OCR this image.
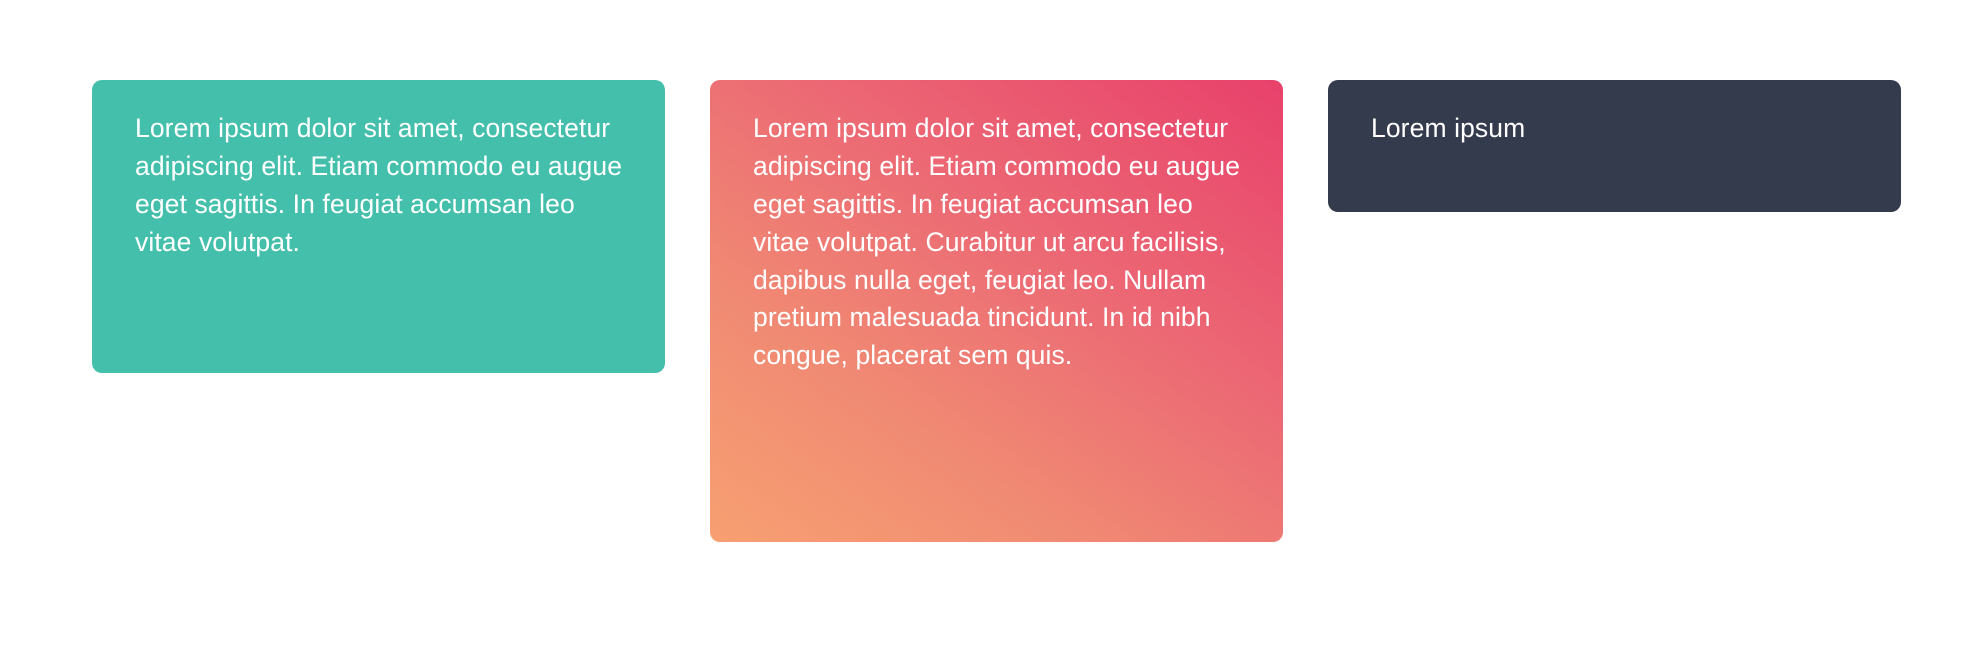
Lorem ipsum dolor sit amet, consectetur adipiscing elit. Etiam commodo eu augue eget sagittis. In feugiat accumsan leo vitae volutpat.

Lorem ipsum dolor sit amet, consectetur adipiscing elit. Etiam commodo eu augue eget sagittis. In feugiat accumsan leo vitae volutpat. Curabitur ut arcu facilisis, dapibus nulla eget, feugiat leo. Nullam pretium malesuada tincidunt. In id nibh congue, placerat sem quis.

Lorem ipsum
